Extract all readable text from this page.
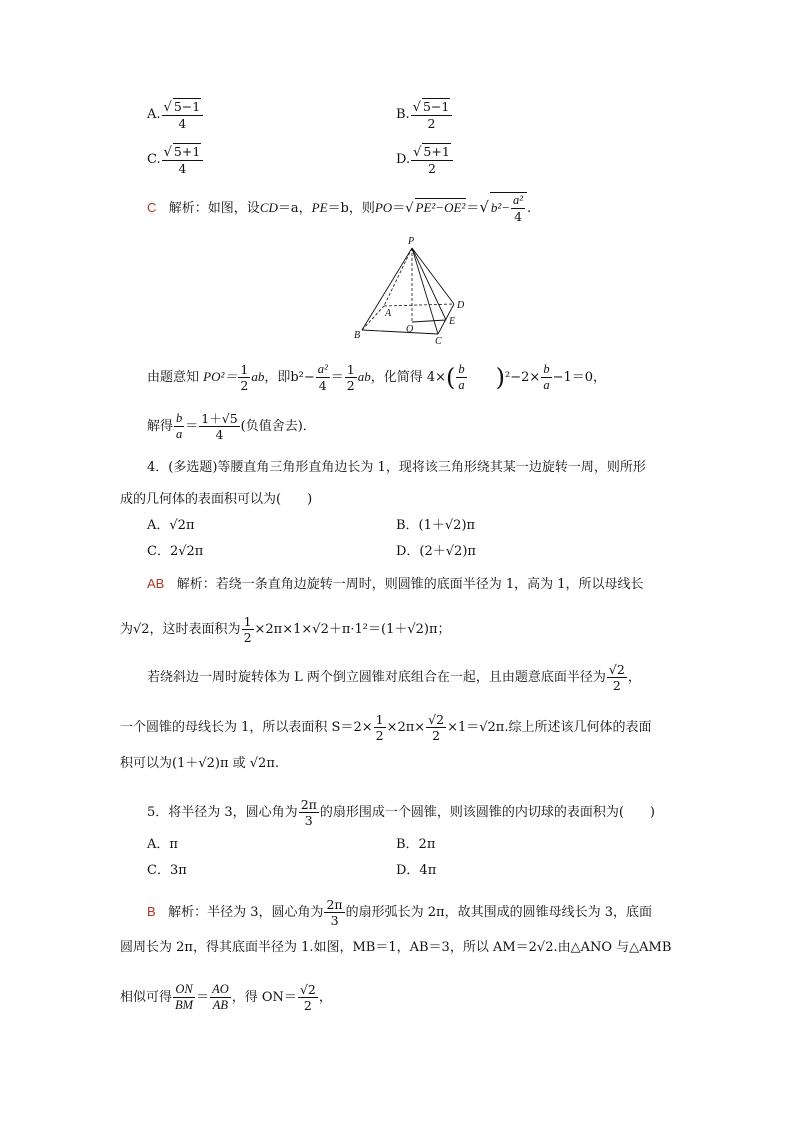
A. $\frac{√ 5-1}{4}$	B. $\frac{√ 5-1}{2}$
C. $\frac{√ 5+1}{4}$	D. $\frac{√ 5+1}{2}$
C 解析：如图，设CD＝a，PE＝b，则PO＝√ PE²−OE²＝√ $b^2- \frac{\text{a²}}{4}$ .
P
B
A
O
C
D
E
由题意知 $PO^2= \frac{1}{2}$ ab，即$b^2- \frac{\text{a²}}{4} = \frac{1}{2}$ ab，化简得 $4\times( \frac{b}{a} )^2-2\times \frac{b}{a} -1=0$，
解得 $\frac{b}{a} = \frac{1+√5}{4}$ (负值舍去)．
4．(多选题)等腰直角三角形直角边长为 1，现将该三角形绕其某一边旋转一周，则所形
成的几何体的表面积可以为(　　)
A．√2π	B．(1＋√2)π
C．2√2π	D．(2＋√2)π
AB 解析：若绕一条直角边旋转一周时，则圆锥的底面半径为 1，高为 1，所以母线长
为√2，这时表面积为 $\frac{1}{2} \times 2\pi\times 1\times√2+\pi\cdot 1^2=(1+√2)\pi$；
若绕斜边一周时旋转体为 L 两个倒立圆锥对底组合在一起，且由题意底面半径为 $\frac{√2}{2}$ ，
一个圆锥的母线长为 1，所以表面积 $S=2\times \frac{1}{2} \times 2\pi\times \frac{√2}{2} \times 1=√2\pi$.综上所述该几何体的表面
积可以为(1＋√2)π 或 √2π.
5．将半径为 3，圆心角为 $\frac{2\pi}{3}$ 的扇形围成一个圆锥，则该圆锥的内切球的表面积为(　　)
A．π	B．2π
C．3π	D．4π
B 解析：半径为 3，圆心角为 $\frac{2\pi}{3}$ 的扇形弧长为 2π，故其围成的圆锥母线长为 3，底面
圆周长为 2π，得其底面半径为 1.如图，MB＝1，AB＝3，所以 AM＝2√2.由△ANO 与△AMB
相似可得 $\frac{ON}{BM} = \frac{AO}{AB}$ ，得 $ON= \frac{√2}{2}$ ，
